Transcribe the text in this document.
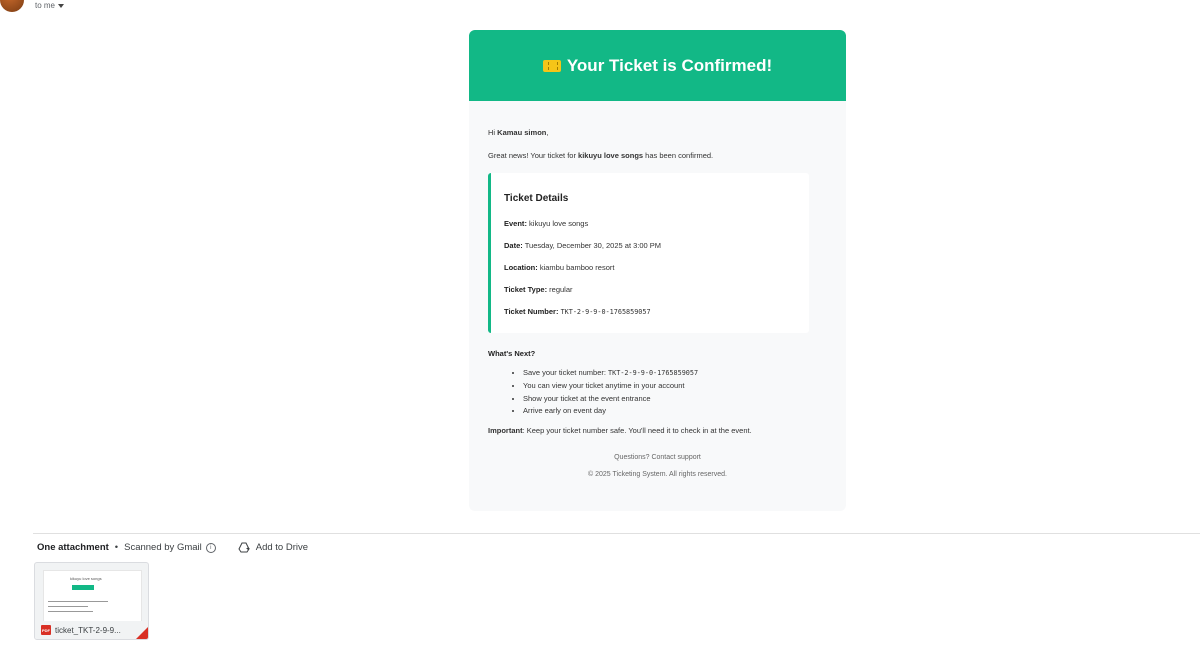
to me
Your Ticket is Confirmed!

Hi Kamau simon,

Great news! Your ticket for kikuyu love songs has been confirmed.

Ticket Details
Event: kikuyu love songs
Date: Tuesday, December 30, 2025 at 3:00 PM
Location: kiambu bamboo resort
Ticket Type: regular
Ticket Number: TKT-2-9-9-0-1765859057

What's Next?

• Save your ticket number: TKT-2-9-9-0-1765859057
• You can view your ticket anytime in your account
• Show your ticket at the event entrance
• Arrive early on event day

Important: Keep your ticket number safe. You'll need it to check in at the event.

Questions? Contact support

© 2025 Ticketing System. All rights reserved.

One attachment • Scanned by Gmail	i	Add to Drive
kikuyu love songs
PDF ticket_TKT-2-9-9...
